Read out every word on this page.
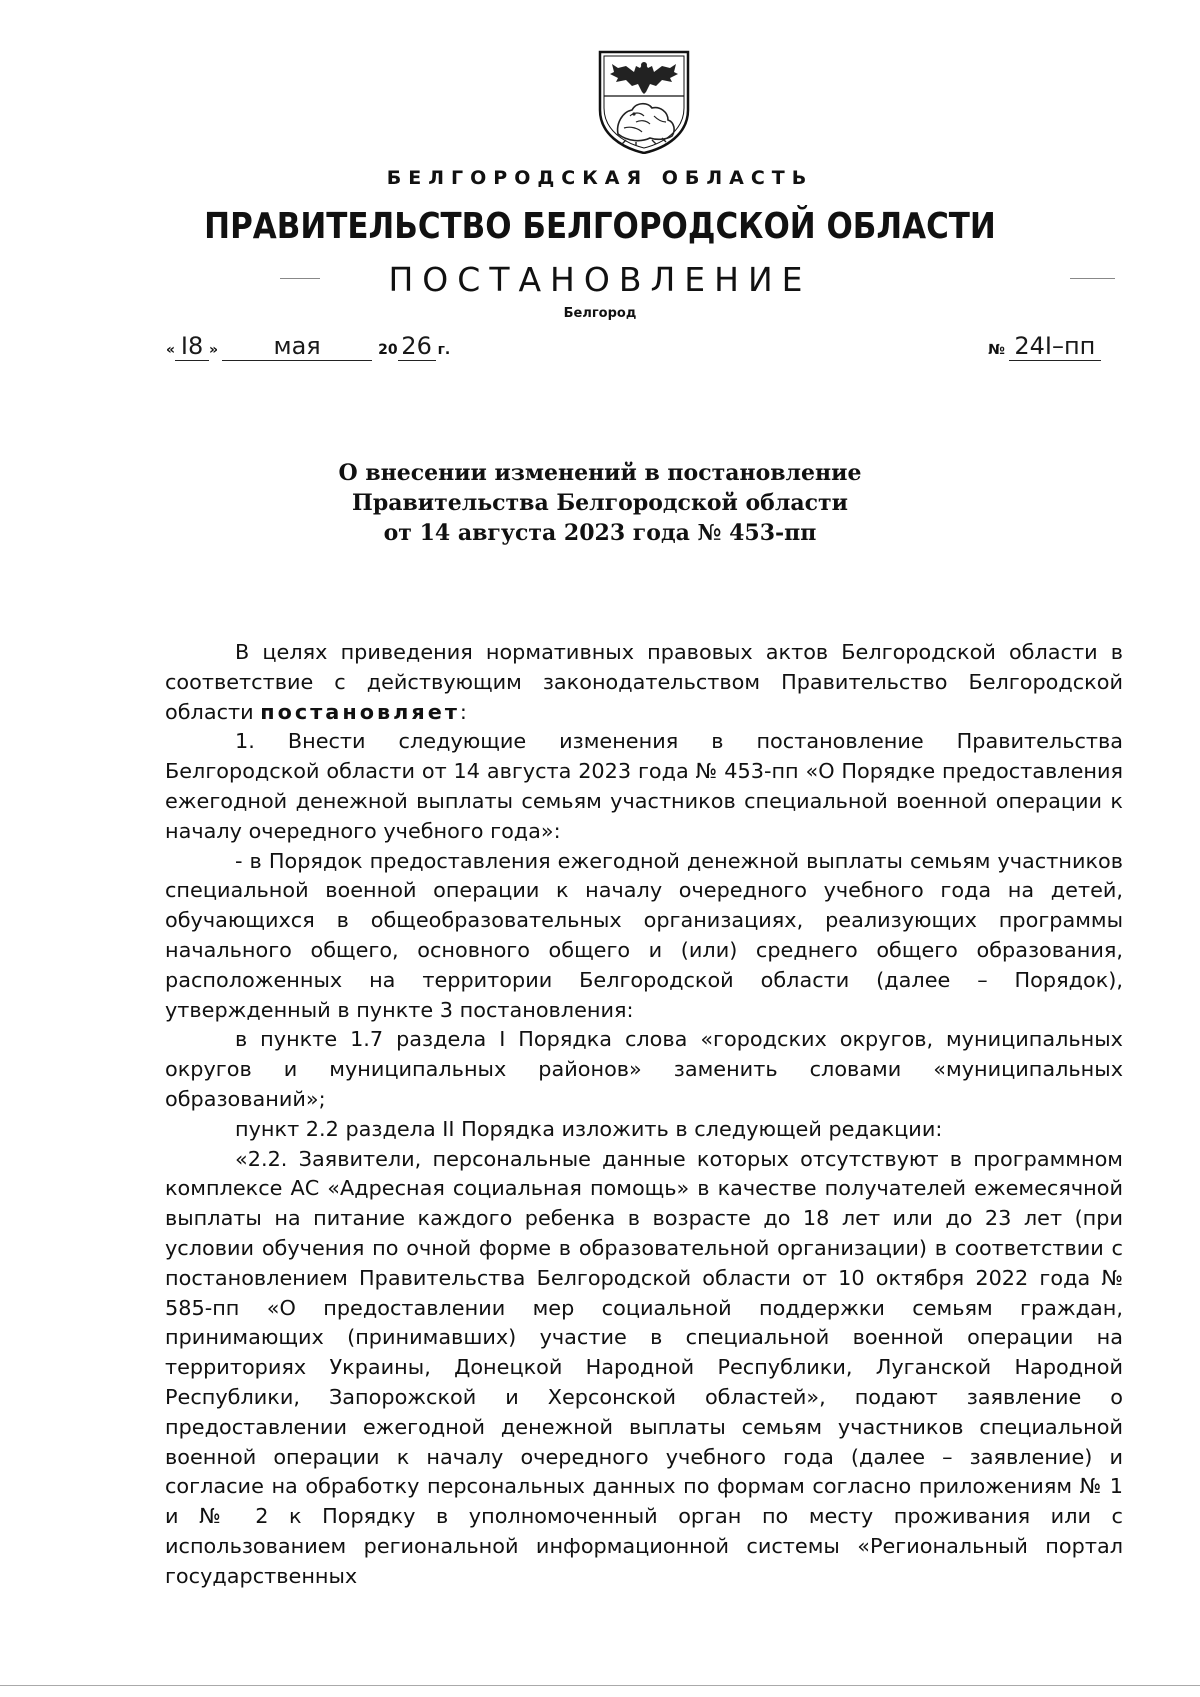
БЕЛГОРОДСКАЯ ОБЛАСТЬ
ПРАВИТЕЛЬСТВО БЕЛГОРОДСКОЙ ОБЛАСТИ
ПОСТАНОВЛЕНИЕ
Белгород
« I8 » мая	20 26 г.	№ 24I–пп
О внесении изменений в постановление
Правительства Белгородской области
от 14 августа 2023 года № 453-пп

В целях приведения нормативных правовых актов Белгородской области в соответствие с действующим законодательством Правительство Белгородской области постановляет:

1. Внести следующие изменения в постановление Правительства Белгородской области от 14 августа 2023 года № 453-пп «О Порядке предоставления ежегодной денежной выплаты семьям участников специальной военной операции к началу очередного учебного года»:

- в Порядок предоставления ежегодной денежной выплаты семьям участников специальной военной операции к началу очередного учебного года на детей, обучающихся в общеобразовательных организациях, реализующих программы начального общего, основного общего и (или) среднего общего образования, расположенных на территории Белгородской области (далее – Порядок), утвержденный в пункте 3 постановления:

в пункте 1.7 раздела I Порядка слова «городских округов, муниципальных округов и муниципальных районов» заменить словами «муниципальных образований»;

пункт 2.2 раздела II Порядка изложить в следующей редакции:

«2.2. Заявители, персональные данные которых отсутствуют в программном комплексе АС «Адресная социальная помощь» в качестве получателей ежемесячной выплаты на питание каждого ребенка в возрасте до 18 лет или до 23 лет (при условии обучения по очной форме в образовательной организации) в соответствии с постановлением Правительства Белгородской области от 10 октября 2022 года № 585-пп «О предоставлении мер социальной поддержки семьям граждан, принимающих (принимавших) участие в специальной военной операции на территориях Украины, Донецкой Народной Республики, Луганской Народной Республики, Запорожской и Херсонской областей», подают заявление о предоставлении ежегодной денежной выплаты семьям участников специальной военной операции к началу очередного учебного года (далее – заявление) и согласие на обработку персональных данных по формам согласно приложениям № 1 и № 2 к Порядку в уполномоченный орган по месту проживания или с использованием региональной информационной системы «Региональный портал государственных
